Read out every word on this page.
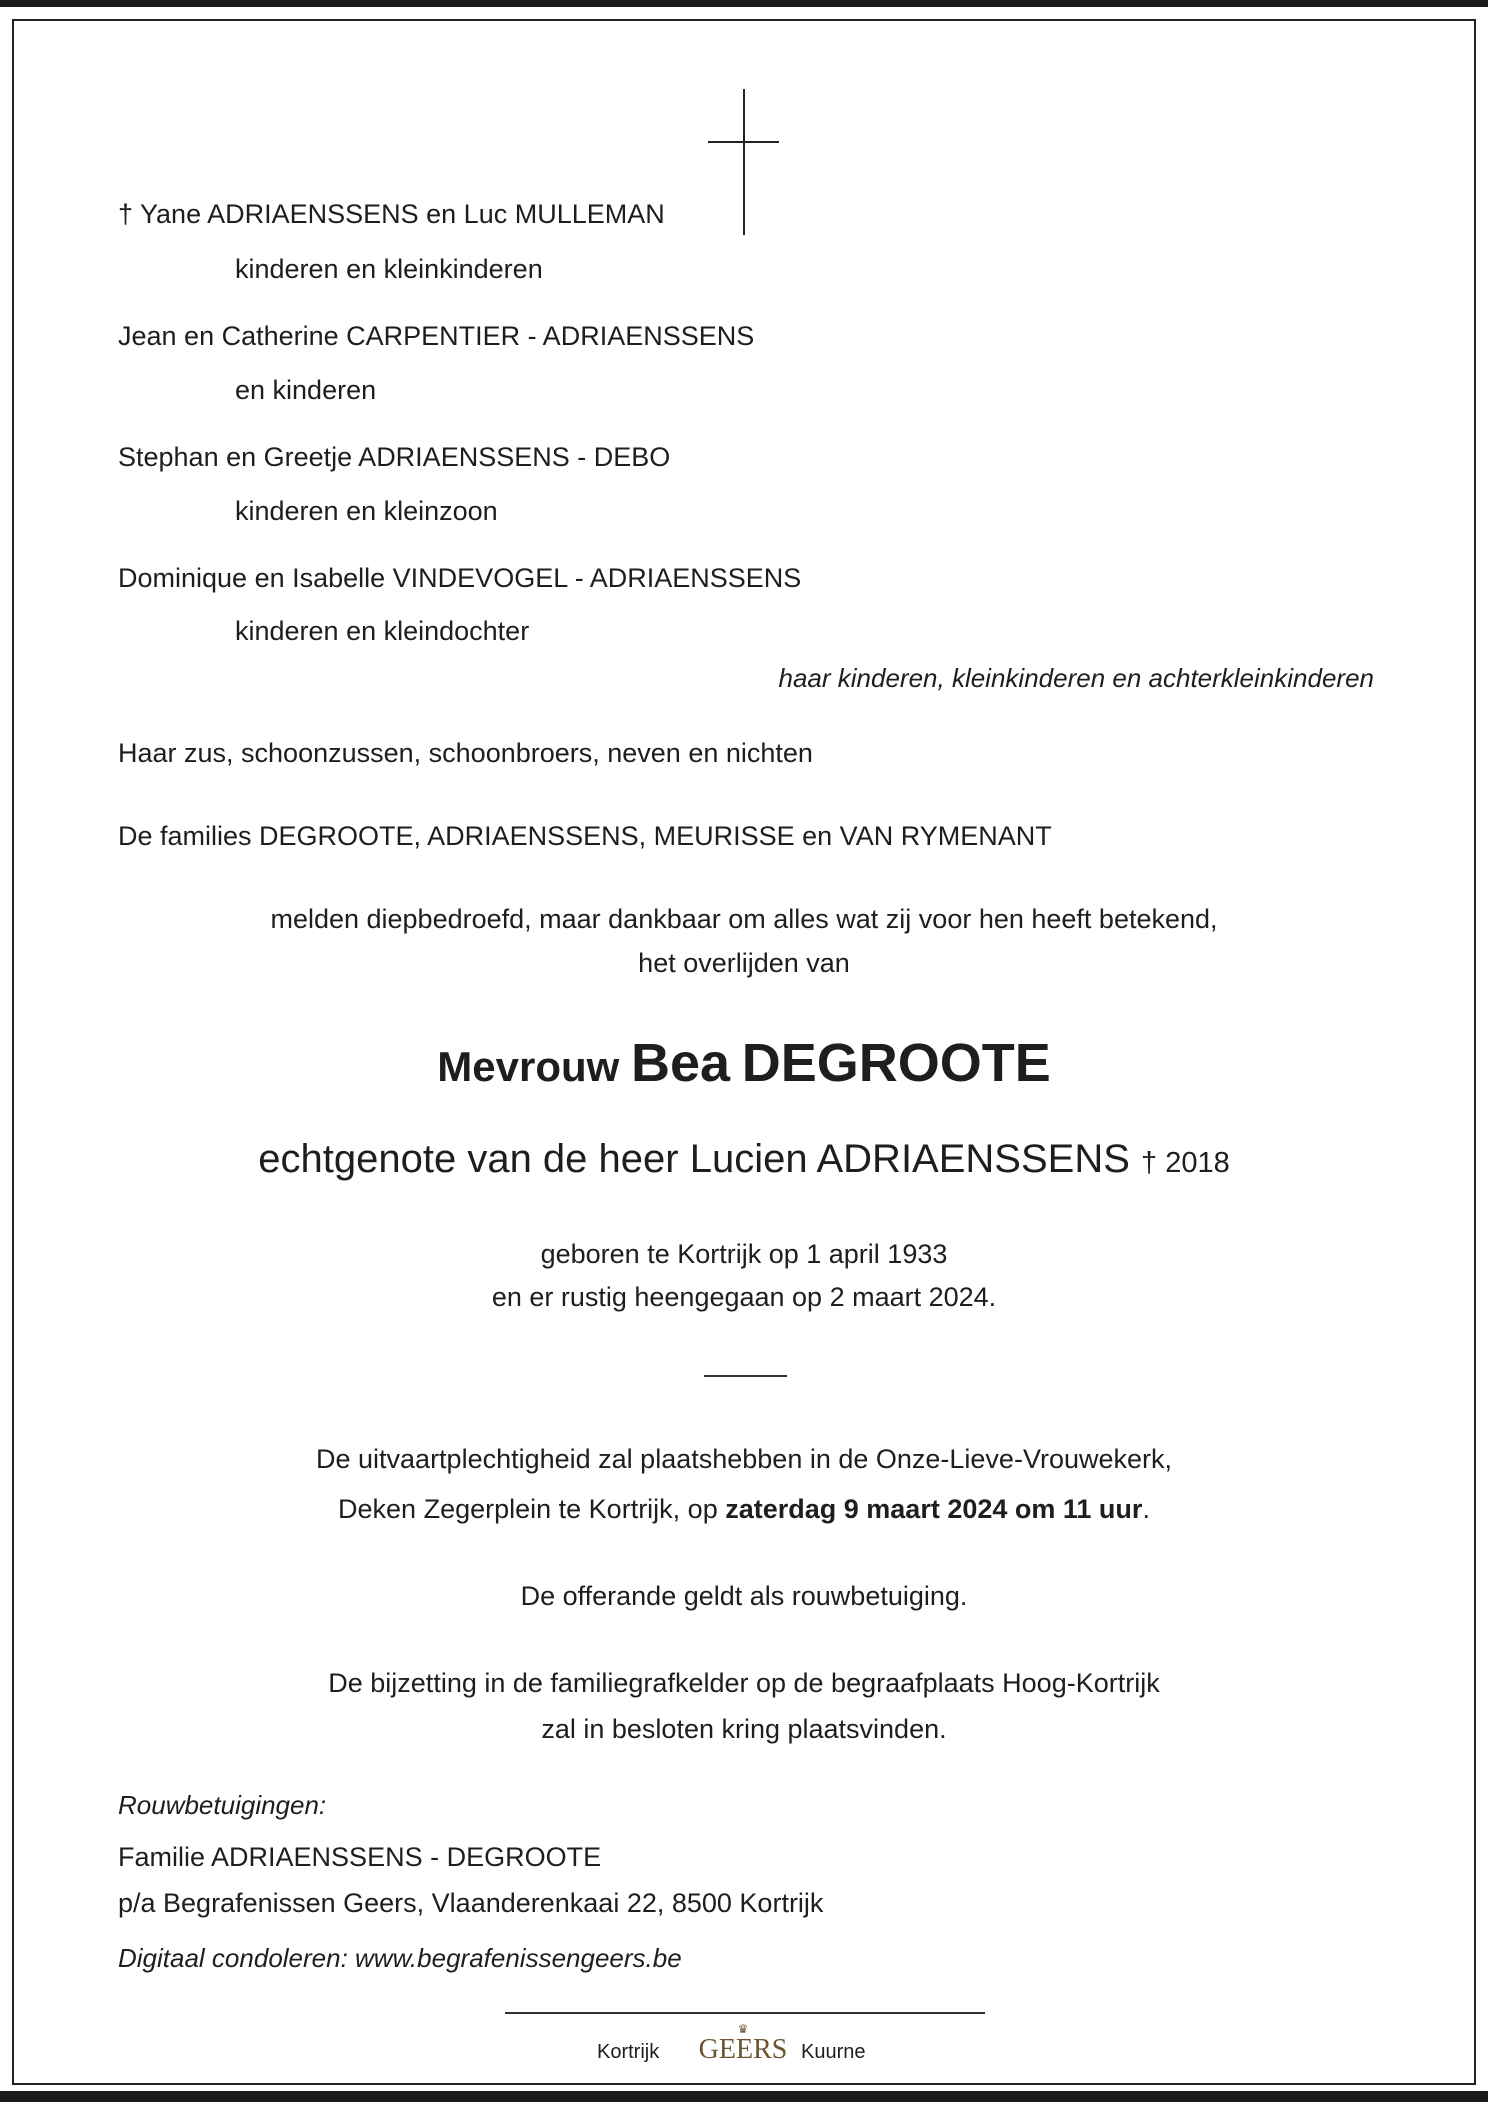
† Yane ADRIAENSSENS en Luc MULLEMAN
kinderen en kleinkinderen
Jean en Catherine CARPENTIER - ADRIAENSSENS
en kinderen
Stephan en Greetje ADRIAENSSENS - DEBO
kinderen en kleinzoon
Dominique en Isabelle VINDEVOGEL - ADRIAENSSENS
kinderen en kleindochter
haar kinderen, kleinkinderen en achterkleinkinderen
Haar zus, schoonzussen, schoonbroers, neven en nichten
De families DEGROOTE, ADRIAENSSENS, MEURISSE en VAN RYMENANT
melden diepbedroefd, maar dankbaar om alles wat zij voor hen heeft betekend,
het overlijden van
Mevrouw Bea DEGROOTE
echtgenote van de heer Lucien ADRIAENSSENS † 2018
geboren te Kortrijk op 1 april 1933
en er rustig heengegaan op 2 maart 2024.
De uitvaartplechtigheid zal plaatshebben in de Onze-Lieve-Vrouwekerk,
Deken Zegerplein te Kortrijk, op zaterdag 9 maart 2024 om 11 uur.
De offerande geldt als rouwbetuiging.
De bijzetting in de familiegrafkelder op de begraafplaats Hoog-Kortrijk
zal in besloten kring plaatsvinden.
Rouwbetuigingen:
Familie ADRIAENSSENS - DEGROOTE
p/a Begrafenissen Geers, Vlaanderenkaai 22, 8500 Kortrijk
Digitaal condoleren: www.begrafenissengeers.be
Kortrijk
♛
GEERS Kuurne
